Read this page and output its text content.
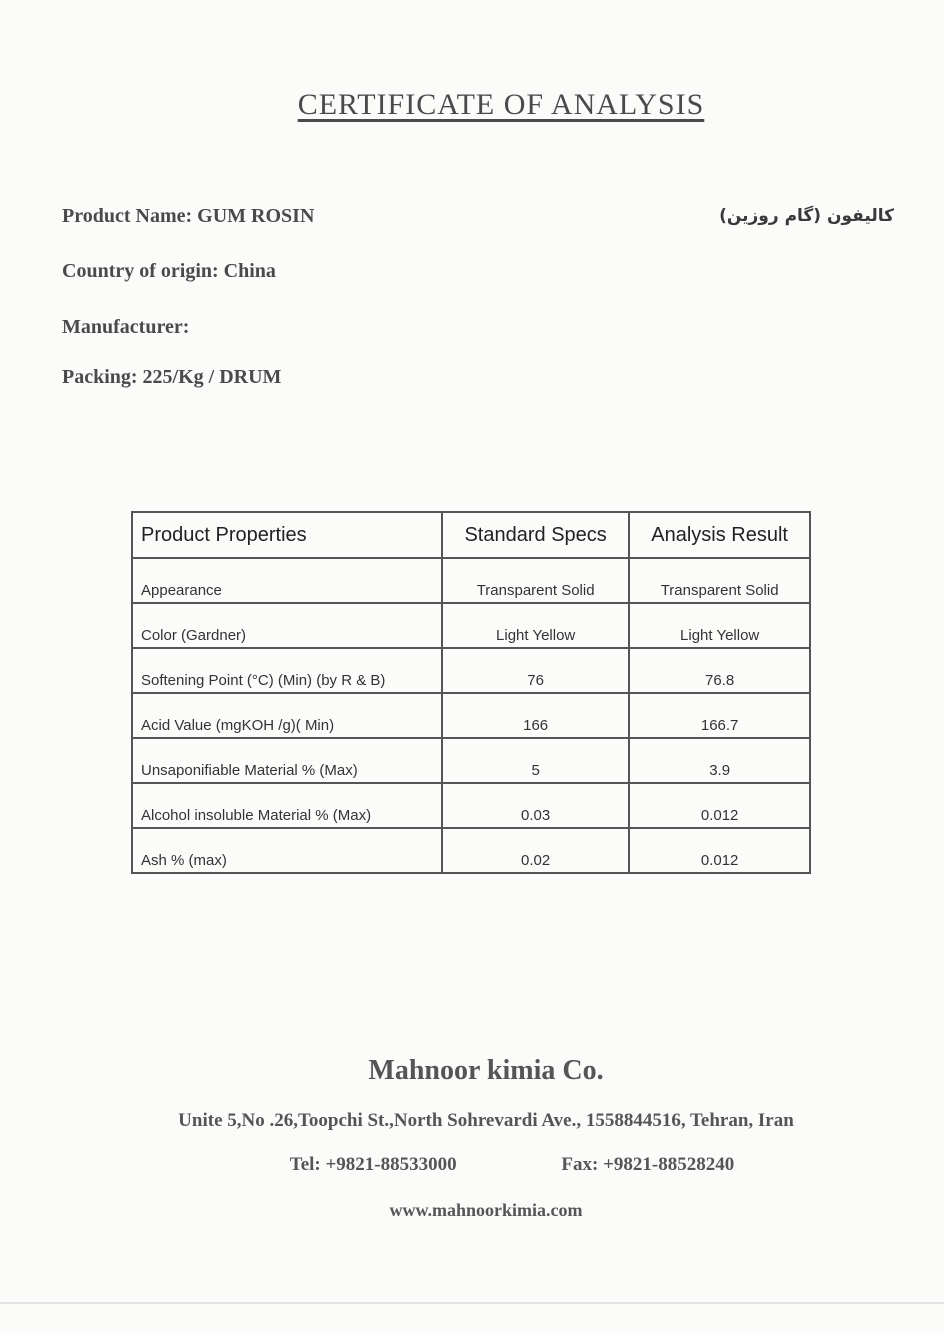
CERTIFICATE OF ANALYSIS
Product Name: GUM ROSIN
Country of origin: China
Manufacturer:
Packing: 225/Kg / DRUM
کالیفون (گام روزین)
Product Properties	Standard Specs	Analysis Result
Appearance	Transparent Solid	Transparent Solid
Color (Gardner)	Light Yellow	Light Yellow
Softening Point (°C) (Min) (by R & B)	76	76.8
Acid Value (mgKOH /g)( Min)	166	166.7
Unsaponifiable Material % (Max)	5	3.9
Alcohol insoluble Material % (Max)	0.03	0.012
Ash % (max)	0.02	0.012
Mahnoor kimia Co.
Unite 5,No .26,Toopchi St.,North Sohrevardi Ave., 1558844516, Tehran, Iran
Tel: +9821-88533000	Fax: +9821-88528240
www.mahnoorkimia.com
